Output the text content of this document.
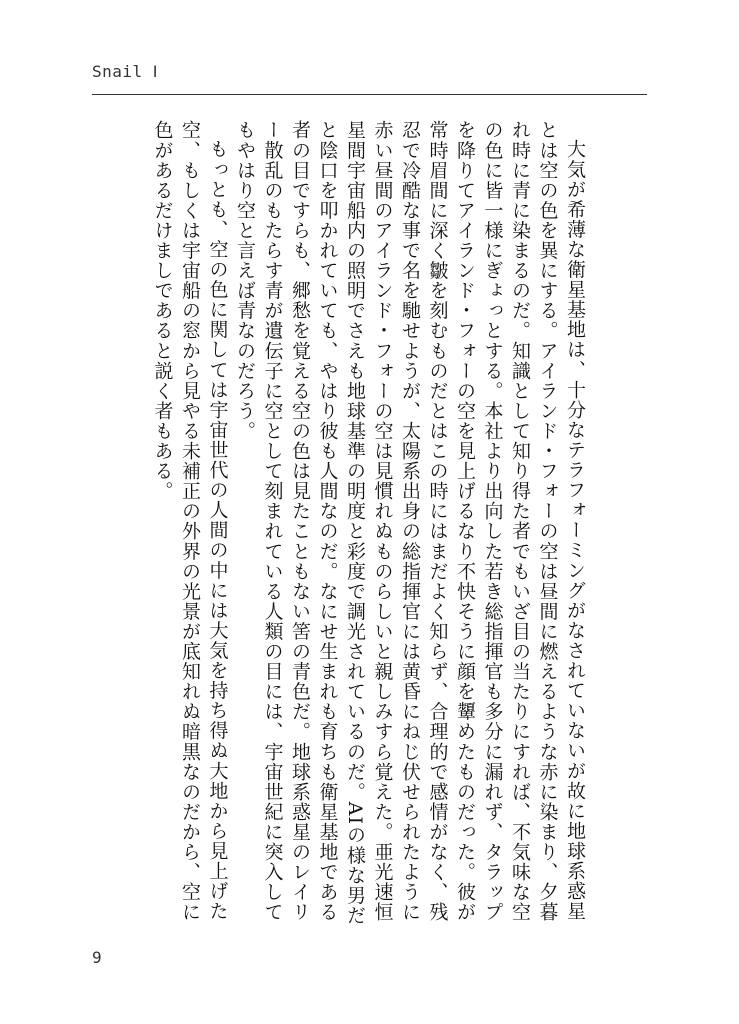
Snail Ⅰ

大気が希薄な衛星基地は、十分なテラフォーミングがなされていないが故に地球系惑星とは空の色を異にする。アイランド・フォーの空は昼間に燃えるような赤に染まり、夕暮れ時に青に染まるのだ。知識として知り得た者でもいざ目の当たりにすれば、不気味な空の色に皆一様にぎょっとする。本社より出向した若き総指揮官も多分に漏れず、タラップを降りてアイランド・フォーの空を見上げるなり不快そうに顔を顰めたものだった。彼が常時眉間に深く皺を刻むものだとはこの時にはまだよく知らず、合理的で感情がなく、残忍で冷酷な事で名を馳せようが、太陽系出身の総指揮官には黄昏にねじ伏せられたように赤い昼間のアイランド・フォーの空は見慣れぬものらしいと親しみすら覚えた。亜光速恒星間宇宙船内の照明でさえも地球基準の明度と彩度で調光されているのだ。AIの様な男だと陰口を叩かれていても、やはり彼も人間なのだ。なにせ生まれも育ちも衛星基地である者の目ですらも、郷愁を覚える空の色は見たこともない筈の青色だ。地球系惑星のレイリー散乱のもたらす青が遺伝子に空として刻まれている人類の目には、宇宙世紀に突入してもやはり空と言えば青なのだろう。

もっとも、空の色に関しては宇宙世代の人間の中には大気を持ち得ぬ大地から見上げた空、もしくは宇宙船の窓から見やる未補正の外界の光景が底知れぬ暗黒なのだから、空に色があるだけましであると説く者もある。

9
